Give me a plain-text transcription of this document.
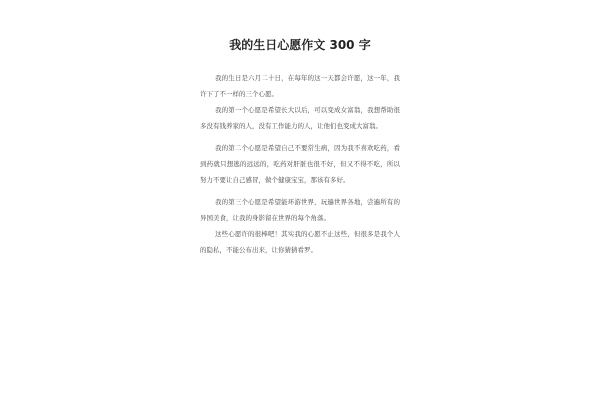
我的生日心愿作文 300 字

我的生日是六月二十日，在每年的这一天都会许愿，这一年，我许下了不一样的三个心愿。

我的第一个心愿是希望长大以后，可以变成女富翁，我想帮助很多没有钱养家的人，没有工作能力的人，让他们也变成大富翁。

我的第二个心愿是希望自己不要常生病，因为我不喜欢吃药，看到药就只想逃的远远的，吃药对肝脏也很不好，但又不得不吃，所以努力不要让自己感冒，做个健康宝宝，那该有多好。

我的第三个心愿是希望能环游世界，玩遍世界各地，尝遍所有的异国美食，让我的身影留在世界的每个角落。

这些心愿许的很棒吧！其实我的心愿不止这些，但很多是我个人的隐私，不能公布出来，让你猜猜看罗。
